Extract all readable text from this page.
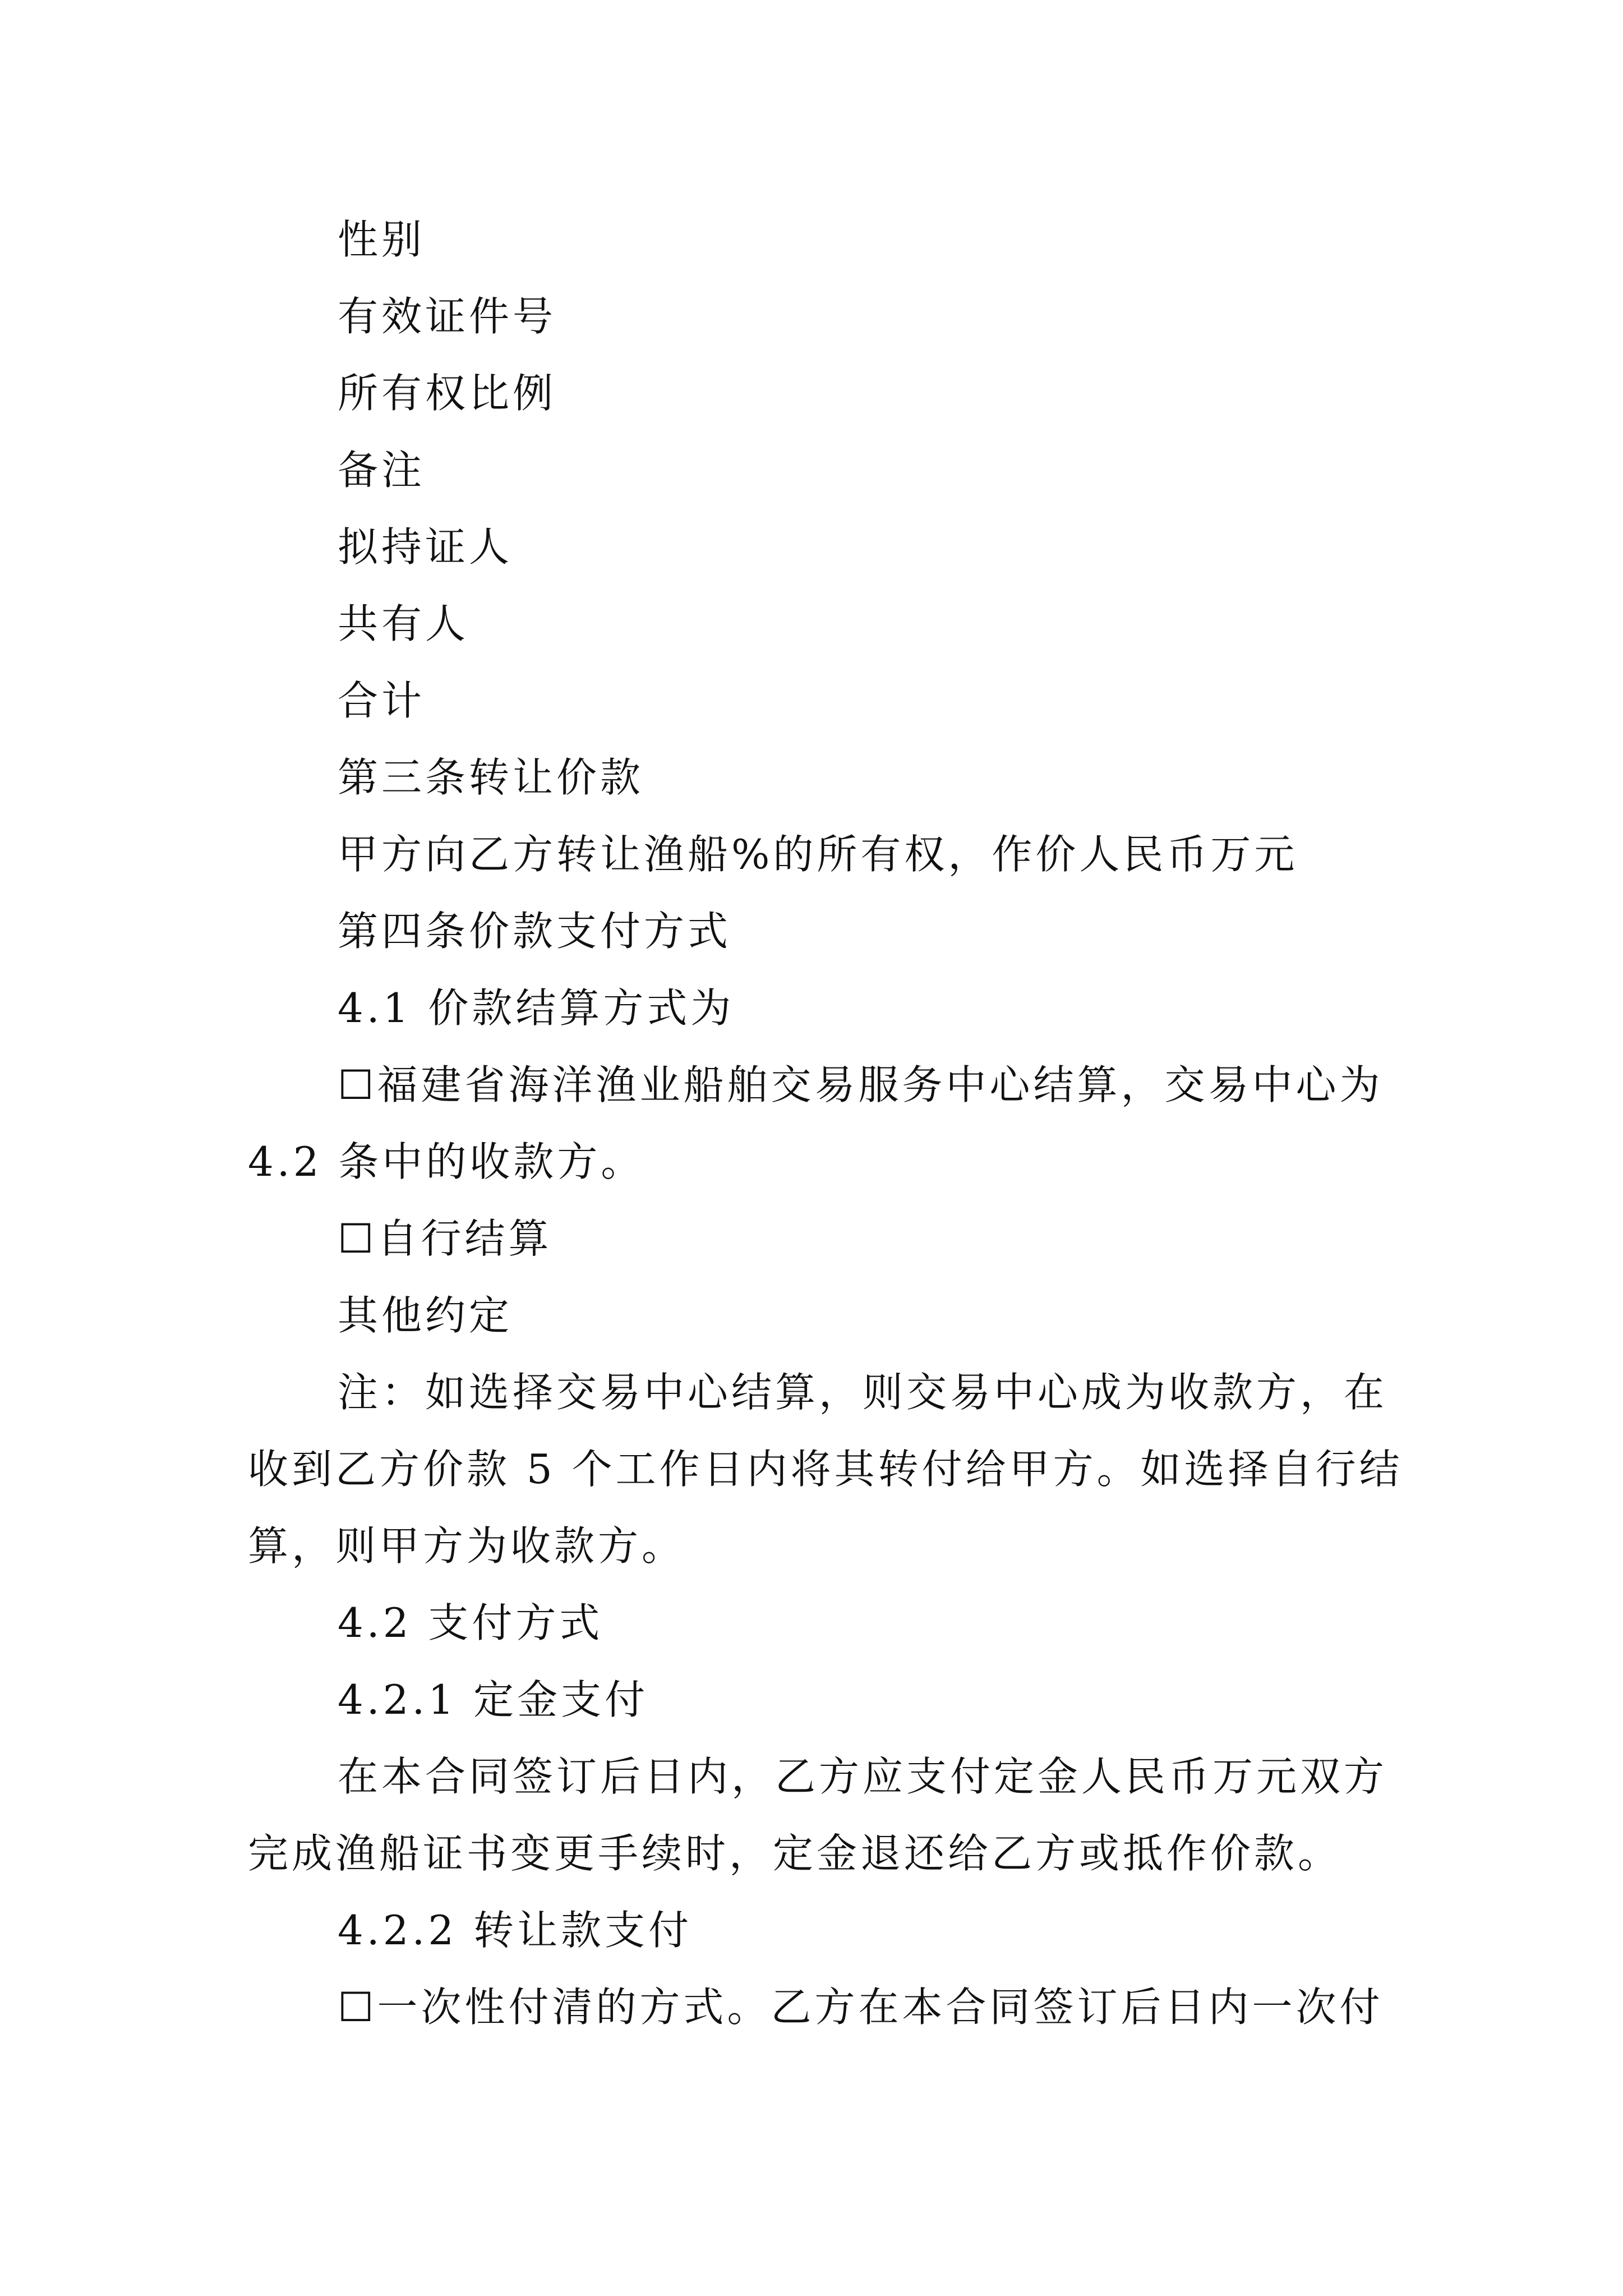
性别
有效证件号
所有权比例
备注
拟持证人
共有人
合计
第三条转让价款
甲方向乙方转让渔船%的所有权，作价人民币万元
第四条价款支付方式
4.1 价款结算方式为
☐福建省海洋渔业船舶交易服务中心结算，交易中心为
4.2 条中的收款方。
☐自行结算
其他约定
注：如选择交易中心结算，则交易中心成为收款方，在
收到乙方价款 5 个工作日内将其转付给甲方。如选择自行结
算，则甲方为收款方。
4.2 支付方式
4.2.1 定金支付
在本合同签订后日内，乙方应支付定金人民币万元双方
完成渔船证书变更手续时，定金退还给乙方或抵作价款。
4.2.2 转让款支付
☐一次性付清的方式。乙方在本合同签订后日内一次付
